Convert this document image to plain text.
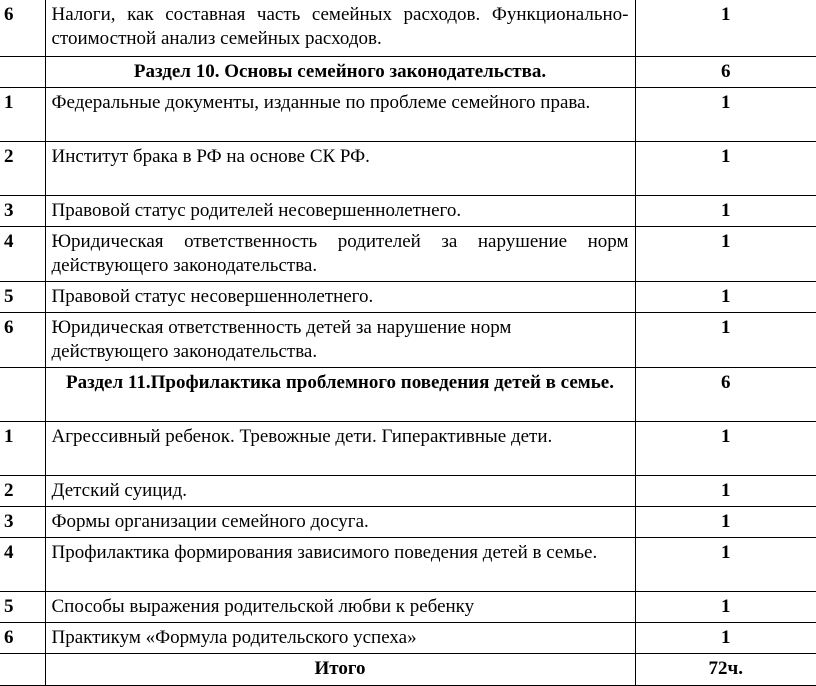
6	Налоги, как составная часть семейных расходов. Функционально-стоимостной анализ семейных расходов.	1
	Раздел 10. Основы семейного законодательства.	6
1	Федеральные документы, изданные по проблеме семейного права.	1
2	Институт брака в РФ на основе СК РФ.	1
3	Правовой статус родителей несовершеннолетнего.	1
4	Юридическая ответственность родителей за нарушение норм действующего законодательства.	1
5	Правовой статус несовершеннолетнего.	1
6	Юридическая ответственность детей за нарушение норм действующего законодательства.	1
	Раздел 11.Профилактика проблемного поведения детей в семье.	6
1	Агрессивный ребенок. Тревожные дети. Гиперактивные дети.	1
2	Детский суицид.	1
3	Формы организации семейного досуга.	1
4	Профилактика формирования зависимого поведения детей в семье.	1
5	Способы выражения родительской любви к ребенку	1
6	Практикум «Формула родительского успеха»	1
	Итого	72ч.
